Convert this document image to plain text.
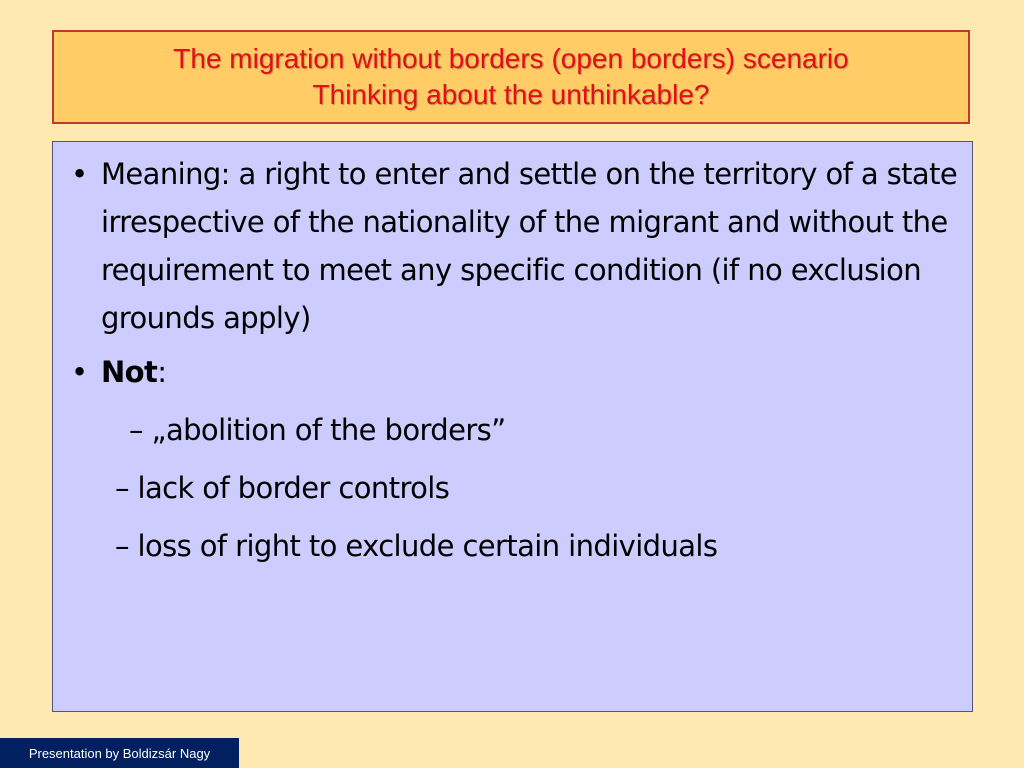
The migration without borders (open borders) scenario
Thinking about the unthinkable?
• Meaning: a right to enter and settle on the territory of a state irrespective of the nationality of the migrant and without the requirement to meet any specific condition (if no exclusion grounds apply)
• Not:
– „abolition of the borders”
– lack of border controls
– loss of right to exclude certain individuals
Presentation by Boldizsár Nagy
